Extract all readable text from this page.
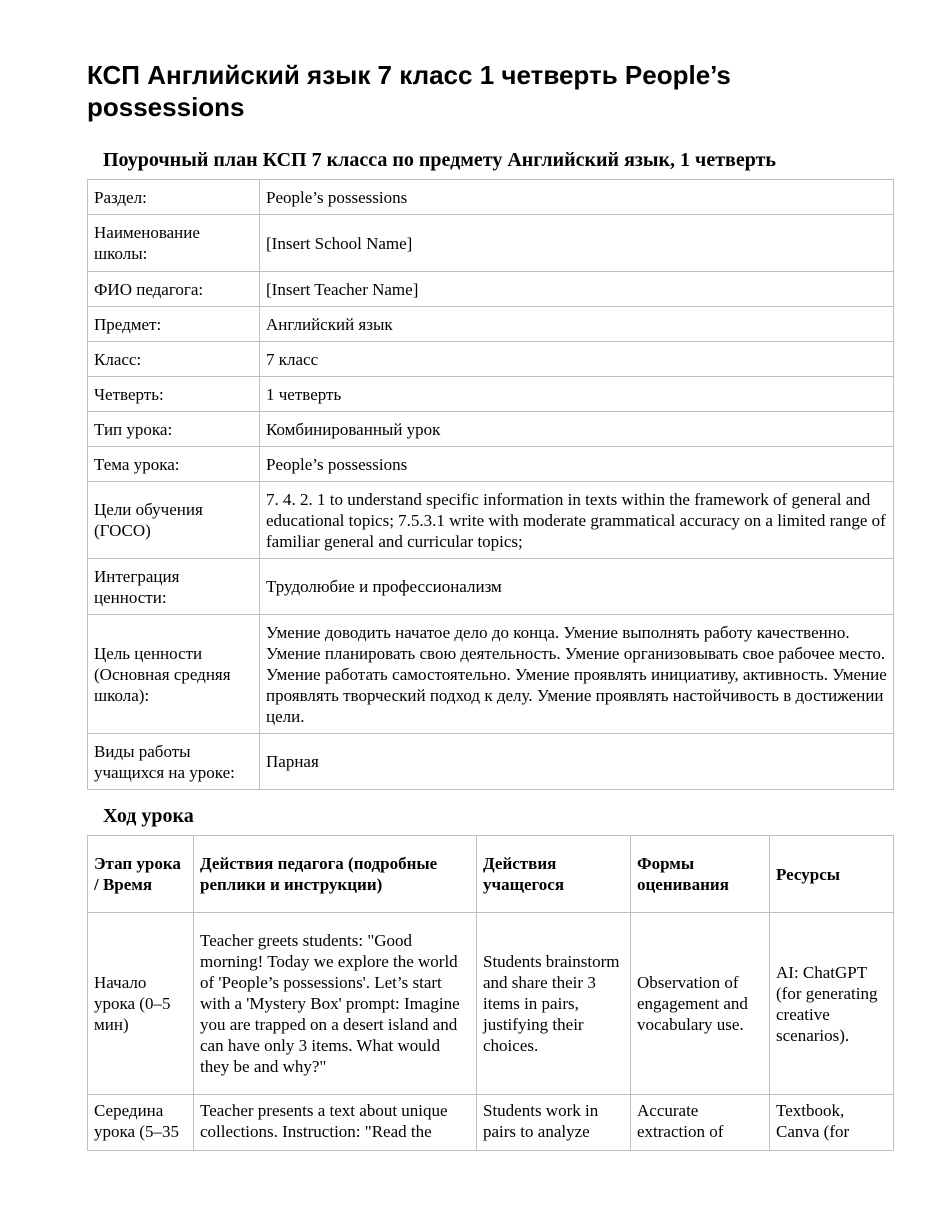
КСП Английский язык 7 класс 1 четверть People’s possessions
Поурочный план КСП 7 класса по предмету Английский язык, 1 четверть
Раздел:	People’s possessions
Наименование школы:	[Insert School Name]
ФИО педагога:	[Insert Teacher Name]
Предмет:	Английский язык
Класс:	7 класс
Четверть:	1 четверть
Тип урока:	Комбинированный урок
Тема урока:	People’s possessions
Цели обучения (ГОСО)	7. 4. 2. 1 to understand specific information in texts within the framework of general and educational topics; 7.5.3.1 write with moderate grammatical accuracy on a limited range of familiar general and curricular topics;
Интеграция ценности:	Трудолюбие и профессионализм
Цель ценности (Основная средняя школа):	Умение доводить начатое дело до конца. Умение выполнять работу качественно. Умение планировать свою деятельность. Умение организовывать свое рабочее место. Умение работать самостоятельно. Умение проявлять инициативу, активность. Умение проявлять творческий подход к делу. Умение проявлять настойчивость в достижении цели.
Виды работы учащихся на уроке:	Парная
Ход урока
Этап урока / Время	Действия педагога (подробные реплики и инструкции)	Действия учащегося	Формы оценивания	Ресурсы
Начало урока (0–5 мин)	Teacher greets students: "Good morning! Today we explore the world of 'People’s possessions'. Let’s start with a 'Mystery Box' prompt: Imagine you are trapped on a desert island and can have only 3 items. What would they be and why?"	Students brainstorm and share their 3 items in pairs, justifying their choices.	Observation of engagement and vocabulary use.	AI: ChatGPT (for generating creative scenarios).
Середина урока (5–35	Teacher presents a text about unique collections. Instruction: "Read the	Students work in pairs to analyze	Accurate extraction of	Textbook, Canva (for
